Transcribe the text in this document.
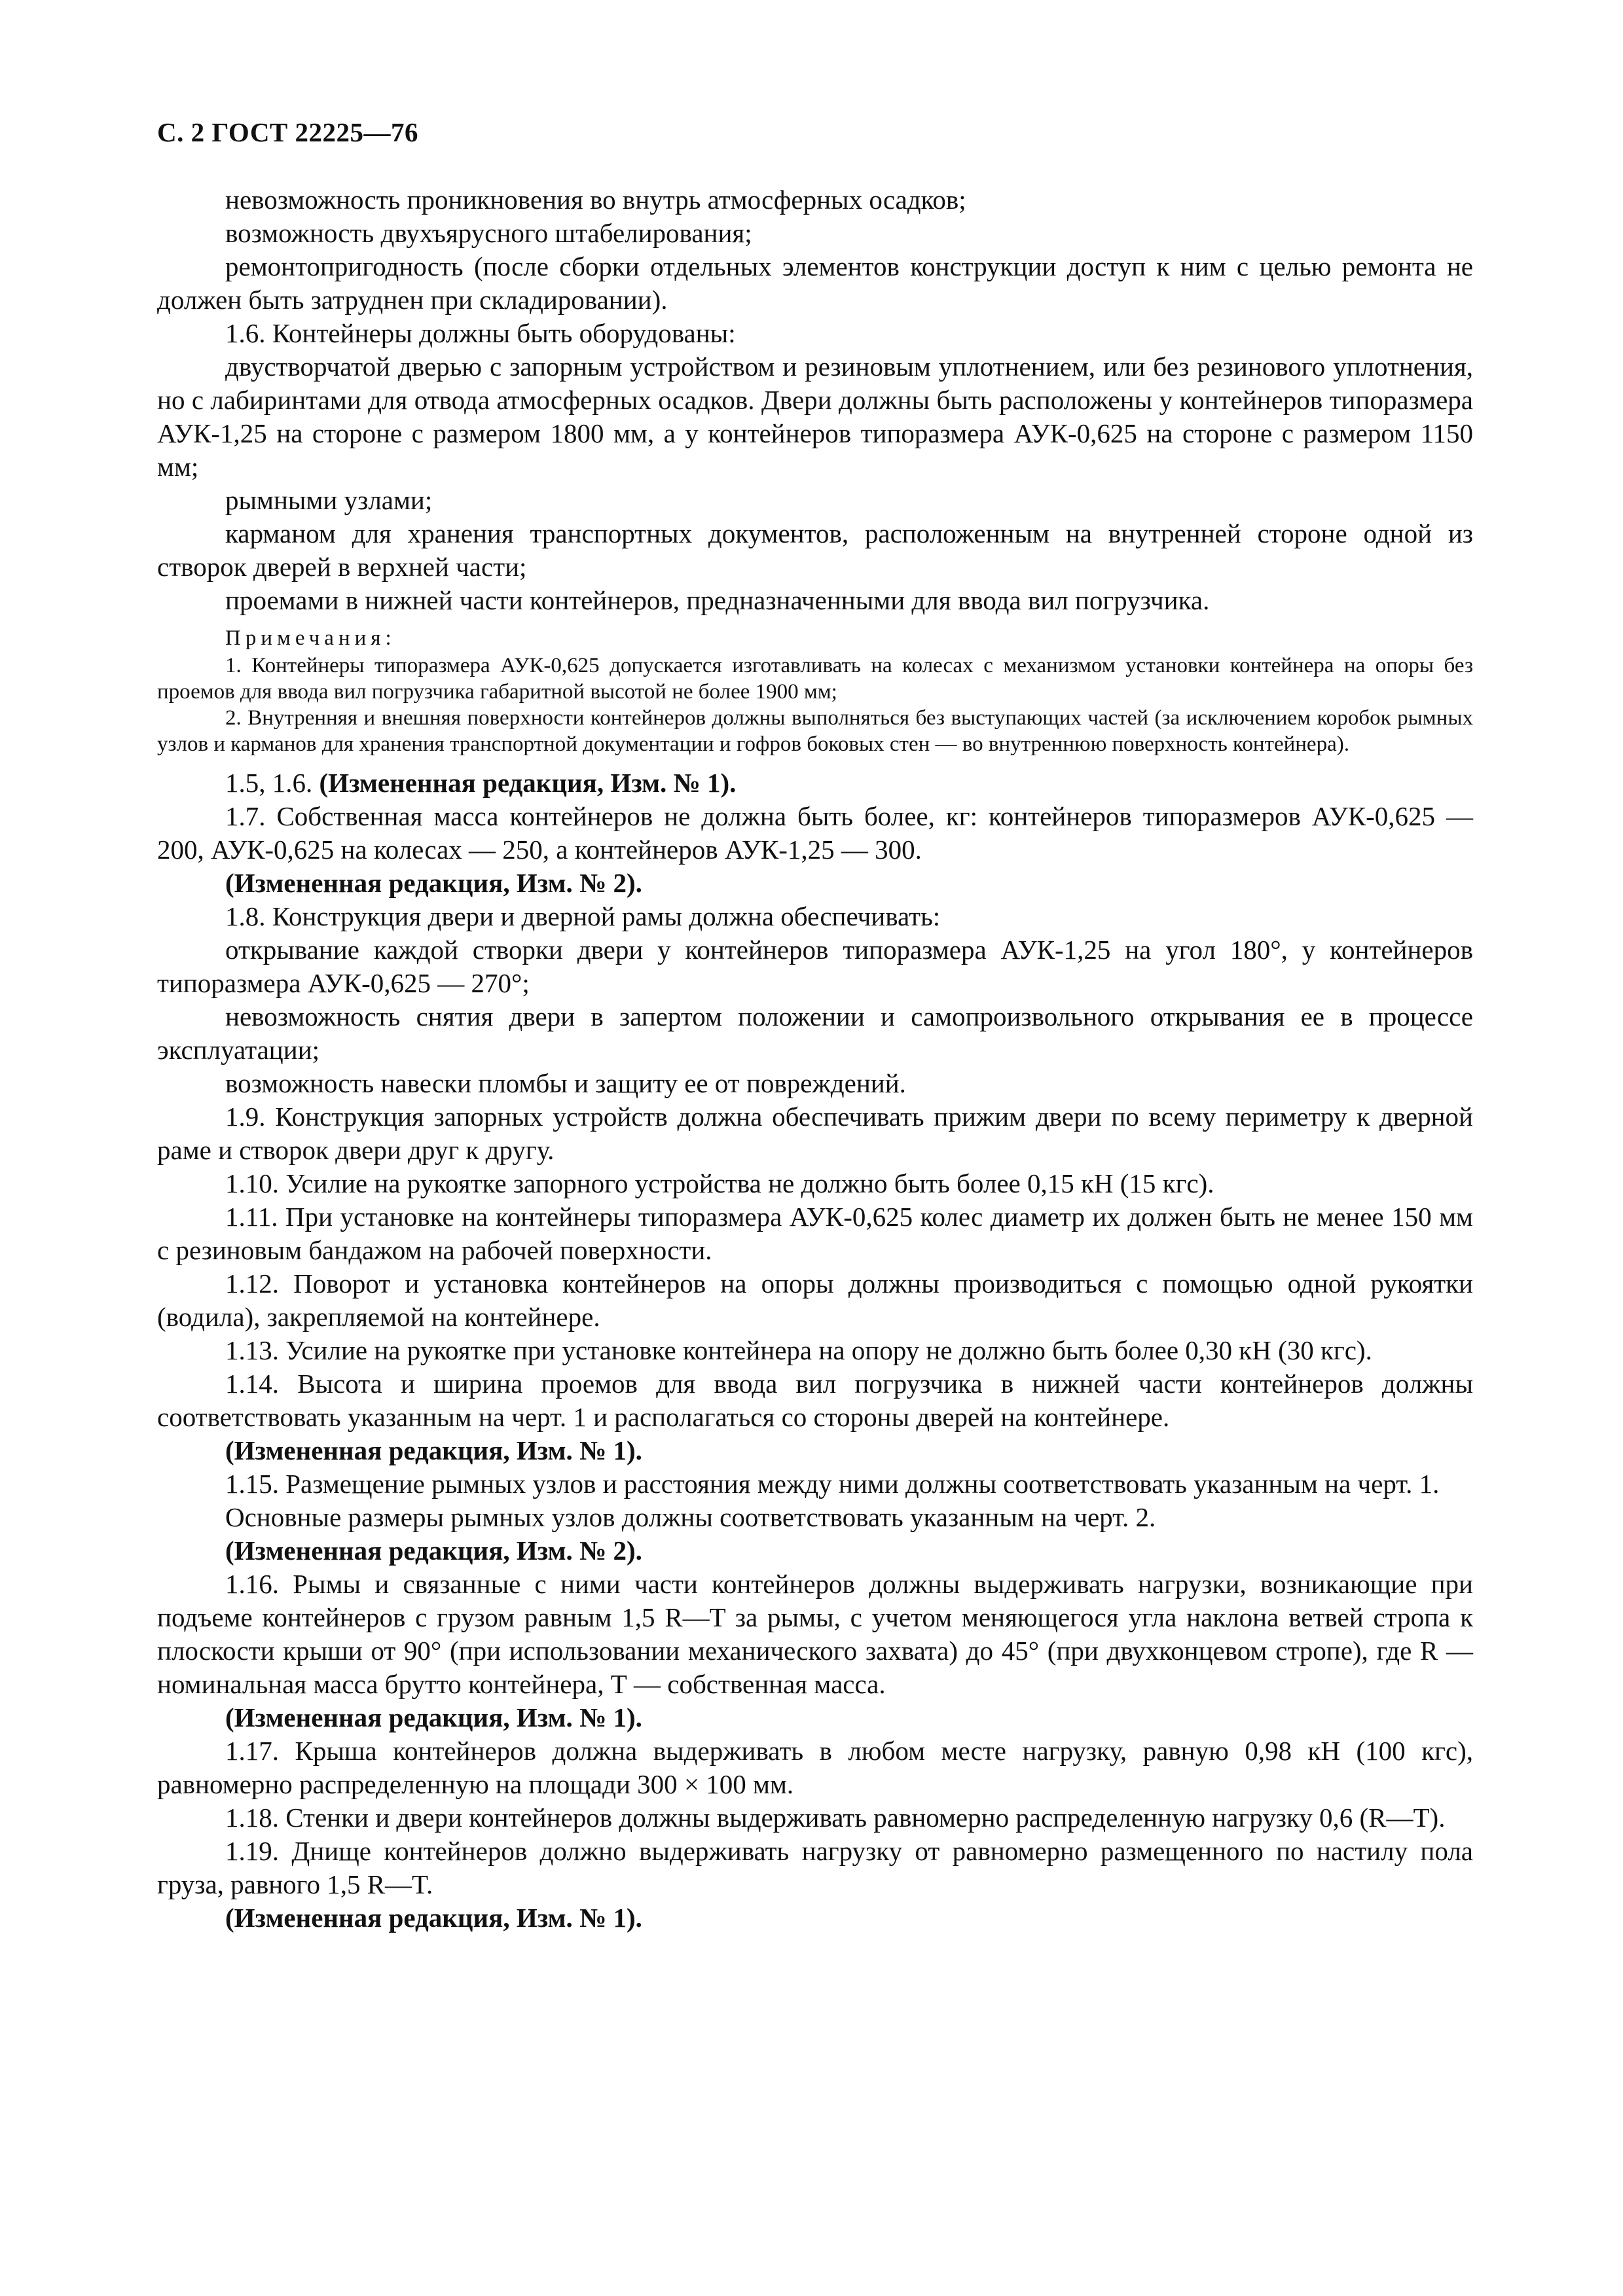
С. 2 ГОСТ 22225—76

невозможность проникновения во внутрь атмосферных осадков;

возможность двухъярусного штабелирования;

ремонтопригодность (после сборки отдельных элементов конструкции доступ к ним с целью ремонта не должен быть затруднен при складировании).

1.6. Контейнеры должны быть оборудованы:

двустворчатой дверью с запорным устройством и резиновым уплотнением, или без резинового уплотнения, но с лабиринтами для отвода атмосферных осадков. Двери должны быть расположены у контейнеров типоразмера АУК-1,25 на стороне с размером 1800 мм, а у контейнеров типоразмера АУК-0,625 на стороне с размером 1150 мм;

рымными узлами;

карманом для хранения транспортных документов, расположенным на внутренней стороне одной из створок дверей в верхней части;

проемами в нижней части контейнеров, предназначенными для ввода вил погрузчика.

Примечания:

1. Контейнеры типоразмера АУК-0,625 допускается изготавливать на колесах с механизмом установки контейнера на опоры без проемов для ввода вил погрузчика габаритной высотой не более 1900 мм;

2. Внутренняя и внешняя поверхности контейнеров должны выполняться без выступающих частей (за исключением коробок рымных узлов и карманов для хранения транспортной документации и гофров боковых стен — во внутреннюю поверхность контейнера).

1.5, 1.6. (Измененная редакция, Изм. № 1).

1.7. Собственная масса контейнеров не должна быть более, кг: контейнеров типоразмеров АУК-0,625 — 200, АУК-0,625 на колесах — 250, а контейнеров АУК-1,25 — 300.

(Измененная редакция, Изм. № 2).

1.8. Конструкция двери и дверной рамы должна обеспечивать:

открывание каждой створки двери у контейнеров типоразмера АУК-1,25 на угол 180°, у контейнеров типоразмера АУК-0,625 — 270°;

невозможность снятия двери в запертом положении и самопроизвольного открывания ее в процессе эксплуатации;

возможность навески пломбы и защиту ее от повреждений.

1.9. Конструкция запорных устройств должна обеспечивать прижим двери по всему периметру к дверной раме и створок двери друг к другу.

1.10. Усилие на рукоятке запорного устройства не должно быть более 0,15 кН (15 кгс).

1.11. При установке на контейнеры типоразмера АУК-0,625 колес диаметр их должен быть не менее 150 мм с резиновым бандажом на рабочей поверхности.

1.12. Поворот и установка контейнеров на опоры должны производиться с помощью одной рукоятки (водила), закрепляемой на контейнере.

1.13. Усилие на рукоятке при установке контейнера на опору не должно быть более 0,30 кН (30 кгс).

1.14. Высота и ширина проемов для ввода вил погрузчика в нижней части контейнеров должны соответствовать указанным на черт. 1 и располагаться со стороны дверей на контейнере.

(Измененная редакция, Изм. № 1).

1.15. Размещение рымных узлов и расстояния между ними должны соответствовать указанным на черт. 1.

Основные размеры рымных узлов должны соответствовать указанным на черт. 2.

(Измененная редакция, Изм. № 2).

1.16. Рымы и связанные с ними части контейнеров должны выдерживать нагрузки, возникающие при подъеме контейнеров с грузом равным 1,5 R—T за рымы, с учетом меняющегося угла наклона ветвей стропа к плоскости крыши от 90° (при использовании механического захвата) до 45° (при двухконцевом стропе), где R — номинальная масса брутто контейнера, Т — собственная масса.

(Измененная редакция, Изм. № 1).

1.17. Крыша контейнеров должна выдерживать в любом месте нагрузку, равную 0,98 кН (100 кгс), равномерно распределенную на площади 300 × 100 мм.

1.18. Стенки и двери контейнеров должны выдерживать равномерно распределенную нагрузку 0,6 (R—T).

1.19. Днище контейнеров должно выдерживать нагрузку от равномерно размещенного по настилу пола груза, равного 1,5 R—T.

(Измененная редакция, Изм. № 1).
